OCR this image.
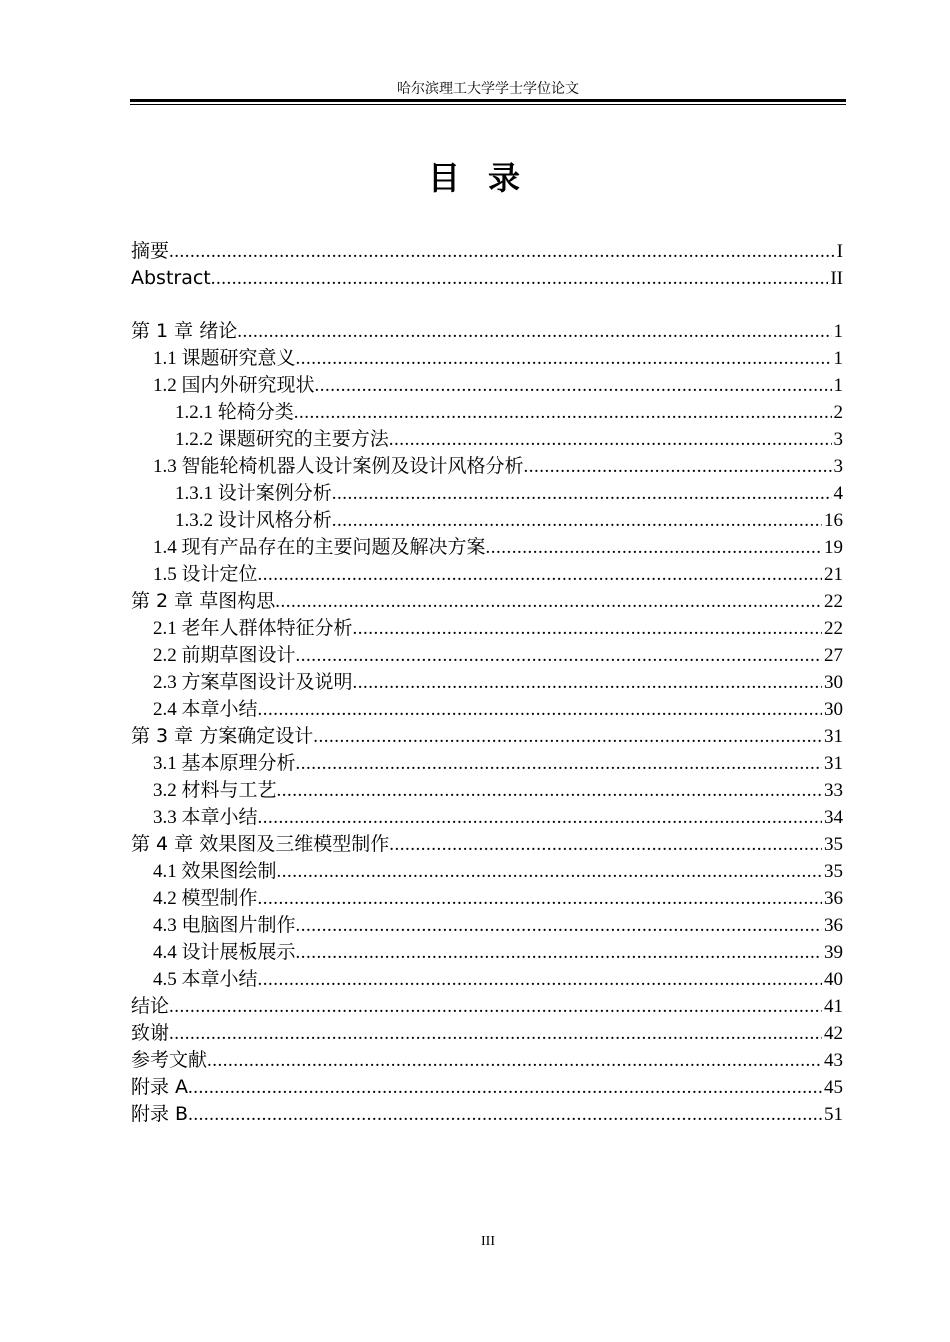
哈尔滨理工大学学士学位论文
目录
摘要 .....	I
Abstract .....	II
第 1 章 绪论 .....	1
1.1 课题研究意义 .....	1
1.2 国内外研究现状 .....	1
1.2.1 轮椅分类 .....	2
1.2.2 课题研究的主要方法 .....	3
1.3 智能轮椅机器人设计案例及设计风格分析 .....	3
1.3.1 设计案例分析 .....	4
1.3.2 设计风格分析 .....	16
1.4 现有产品存在的主要问题及解决方案 .....	19
1.5 设计定位 .....	21
第 2 章 草图构思 .....	22
2.1 老年人群体特征分析 .....	22
2.2 前期草图设计 .....	27
2.3 方案草图设计及说明 .....	30
2.4 本章小结 .....	30
第 3 章 方案确定设计 .....	31
3.1 基本原理分析 .....	31
3.2 材料与工艺 .....	33
3.3 本章小结 .....	34
第 4 章 效果图及三维模型制作 .....	35
4.1 效果图绘制 .....	35
4.2 模型制作 .....	36
4.3 电脑图片制作 .....	36
4.4 设计展板展示 .....	39
4.5 本章小结 .....	40
结论 .....	41
致谢 .....	42
参考文献 .....	43
附录 A .....	45
附录 B .....	51
III
